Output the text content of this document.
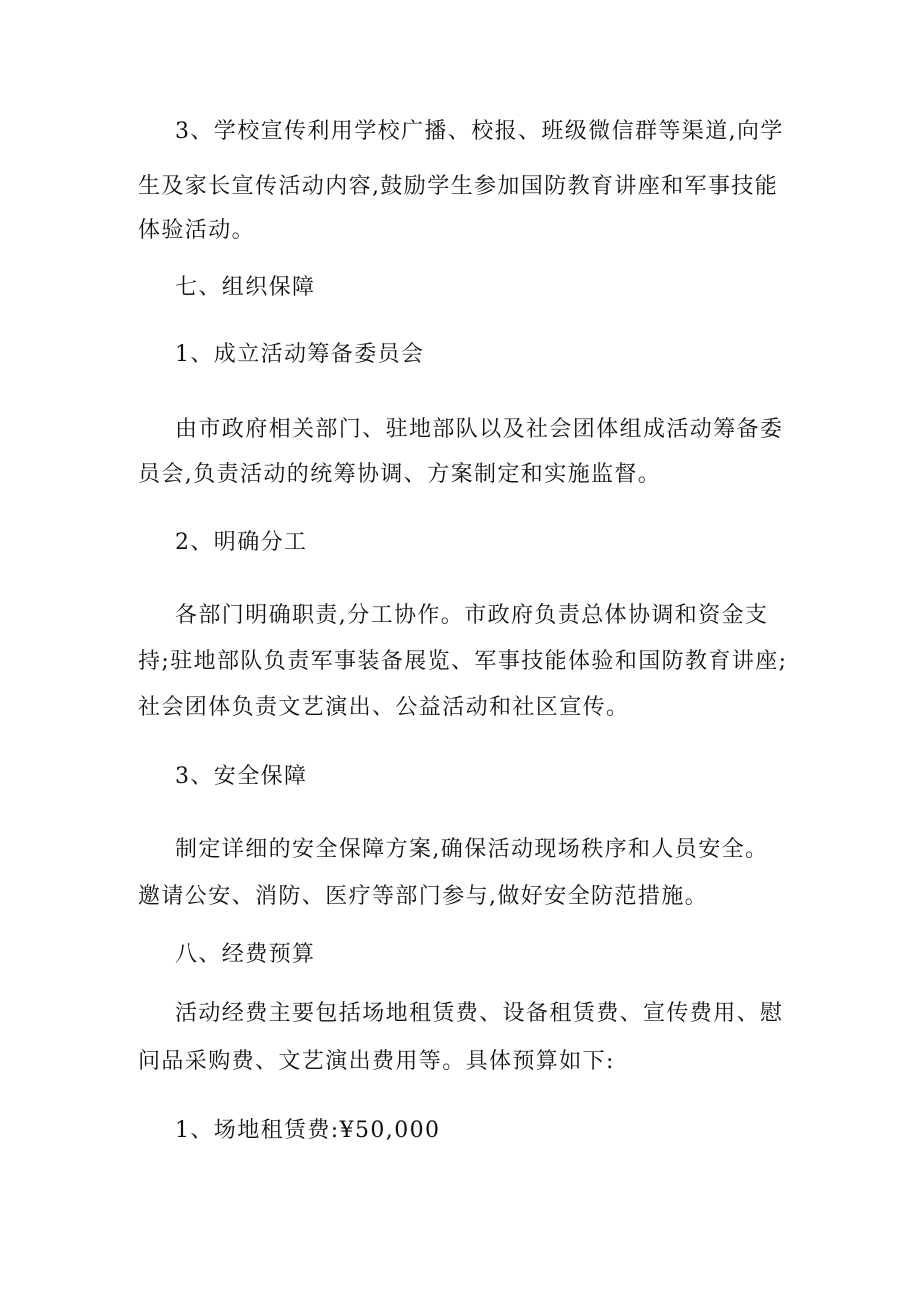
3、学校宣传利用学校广播、校报、班级微信群等渠道,向学
生及家长宣传活动内容,鼓励学生参加国防教育讲座和军事技能
体验活动。
七、组织保障
1、成立活动筹备委员会
由市政府相关部门、驻地部队以及社会团体组成活动筹备委
员会,负责活动的统筹协调、方案制定和实施监督。
2、明确分工
各部门明确职责,分工协作。市政府负责总体协调和资金支
持;驻地部队负责军事装备展览、军事技能体验和国防教育讲座;
社会团体负责文艺演出、公益活动和社区宣传。
3、安全保障
制定详细的安全保障方案,确保活动现场秩序和人员安全。
邀请公安、消防、医疗等部门参与,做好安全防范措施。
八、经费预算
活动经费主要包括场地租赁费、设备租赁费、宣传费用、慰
问品采购费、文艺演出费用等。具体预算如下:
1、场地租赁费:¥50,000
